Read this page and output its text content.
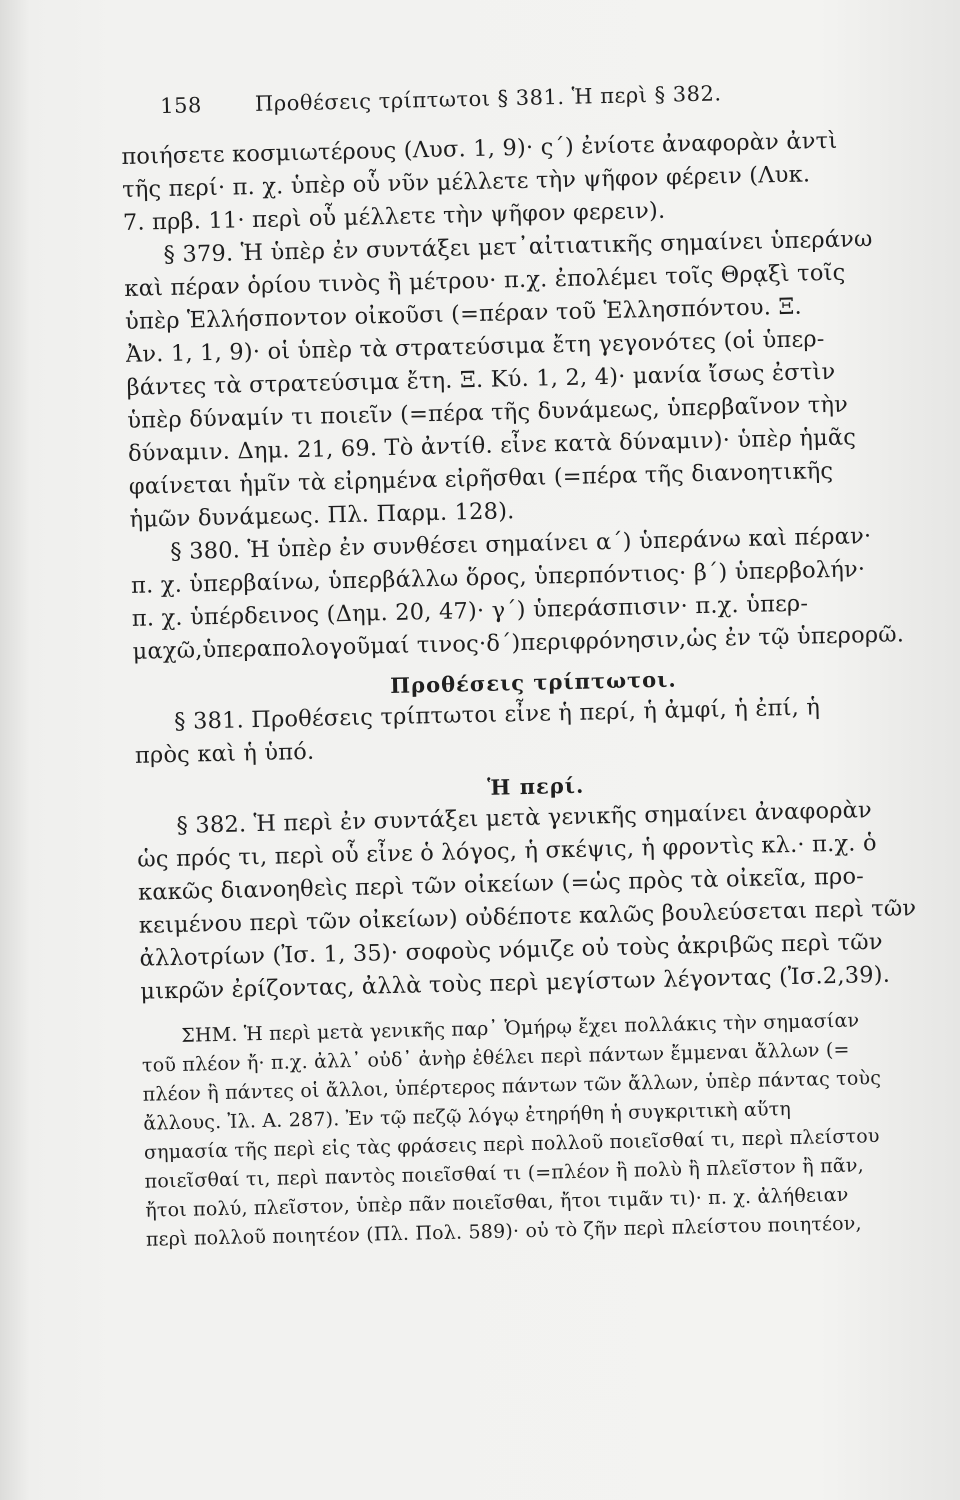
158	Προθέσεις τρίπτωτοι § 381. Ἡ περὶ § 382.
ποιήσετε κοσμιωτέρους (Λυσ. 1, 9)· ς΄) ἐνίοτε ἀναφορὰν ἀντὶ
τῆς περί· π. χ. ὑπὲρ οὗ νῦν μέλλετε τὴν ψῆφον φέρειν (Λυκ.
7. πρβ. 11· περὶ οὗ μέλλετε τὴν ψῆφον φερειν).
§ 379. Ἡ ὑπὲρ ἐν συντάξει μετ᾽αἰτιατικῆς σημαίνει ὑπεράνω
καὶ πέραν ὁρίου τινὸς ἢ μέτρου· π.χ. ἐπολέμει τοῖς Θρᾳξὶ τοῖς
ὑπὲρ Ἑλλήσποντον οἰκοῦσι (=πέραν τοῦ Ἑλλησπόντου. Ξ.
Ἀν. 1, 1, 9)· οἱ ὑπὲρ τὰ στρατεύσιμα ἔτη γεγονότες (οἱ ὑπερ-
βάντες τὰ στρατεύσιμα ἔτη. Ξ. Κύ. 1, 2, 4)· μανία ἴσως ἐστὶν
ὑπὲρ δύναμίν τι ποιεῖν (=πέρα τῆς δυνάμεως, ὑπερβαῖνον τὴν
δύναμιν. Δημ. 21, 69. Τὸ ἀντίθ. εἶνε κατὰ δύναμιν)· ὑπὲρ ἡμᾶς
φαίνεται ἡμῖν τὰ εἰρημένα εἰρῆσθαι (=πέρα τῆς διανοητικῆς
ἡμῶν δυνάμεως. Πλ. Παρμ. 128).
§ 380. Ἡ ὑπὲρ ἐν συνθέσει σημαίνει α΄) ὑπεράνω καὶ πέραν·
π. χ. ὑπερβαίνω, ὑπερβάλλω ὅρος, ὑπερπόντιος· β΄) ὑπερβολήν·
π. χ. ὑπέρδεινος (Δημ. 20, 47)· γ΄) ὑπεράσπισιν· π.χ. ὑπερ-
μαχῶ,ὑπεραπολογοῦμαί τινος·δ΄)περιφρόνησιν,ὡς ἐν τῷ ὑπερορῶ.
Προθέσεις τρίπτωτοι.
§ 381. Προθέσεις τρίπτωτοι εἶνε ἡ περί, ἡ ἀμφί, ἡ ἐπί, ἡ
πρὸς καὶ ἡ ὑπό.
Ἡ περί.
§ 382. Ἡ περὶ ἐν συντάξει μετὰ γενικῆς σημαίνει ἀναφορὰν
ὡς πρός τι, περὶ οὗ εἶνε ὁ λόγος, ἡ σκέψις, ἡ φροντὶς κλ.· π.χ. ὁ
κακῶς διανοηθεὶς περὶ τῶν οἰκείων (=ὡς πρὸς τὰ οἰκεῖα, προ-
κειμένου περὶ τῶν οἰκείων) οὐδέποτε καλῶς βουλεύσεται περὶ τῶν
ἀλλοτρίων (Ἰσ. 1, 35)· σοφοὺς νόμιζε οὐ τοὺς ἀκριβῶς περὶ τῶν
μικρῶν ἐρίζοντας, ἀλλὰ τοὺς περὶ μεγίστων λέγοντας (Ἰσ.2,39).
ΣΗΜ. Ἡ περὶ μετὰ γενικῆς παρ᾽ Ὁμήρῳ ἔχει πολλάκις τὴν σημασίαν
τοῦ πλέον ἤ· π.χ. ἀλλ᾽ οὐδ᾽ ἀνὴρ ἐθέλει περὶ πάντων ἔμμεναι ἄλλων (=
πλέον ἢ πάντες οἱ ἄλλοι, ὑπέρτερος πάντων τῶν ἄλλων, ὑπὲρ πάντας τοὺς
ἄλλους. Ἰλ. Α. 287). Ἐν τῷ πεζῷ λόγῳ ἐτηρήθη ἡ συγκριτικὴ αὕτη
σημασία τῆς περὶ εἰς τὰς φράσεις περὶ πολλοῦ ποιεῖσθαί τι, περὶ πλείστου
ποιεῖσθαί τι, περὶ παντὸς ποιεῖσθαί τι (=πλέον ἢ πολὺ ἢ πλεῖστον ἢ πᾶν,
ἤτοι πολύ, πλεῖστον, ὑπὲρ πᾶν ποιεῖσθαι, ἤτοι τιμᾶν τι)· π. χ. ἀλήθειαν
περὶ πολλοῦ ποιητέον (Πλ. Πολ. 589)· οὐ τὸ ζῆν περὶ πλείστου ποιητέον,
